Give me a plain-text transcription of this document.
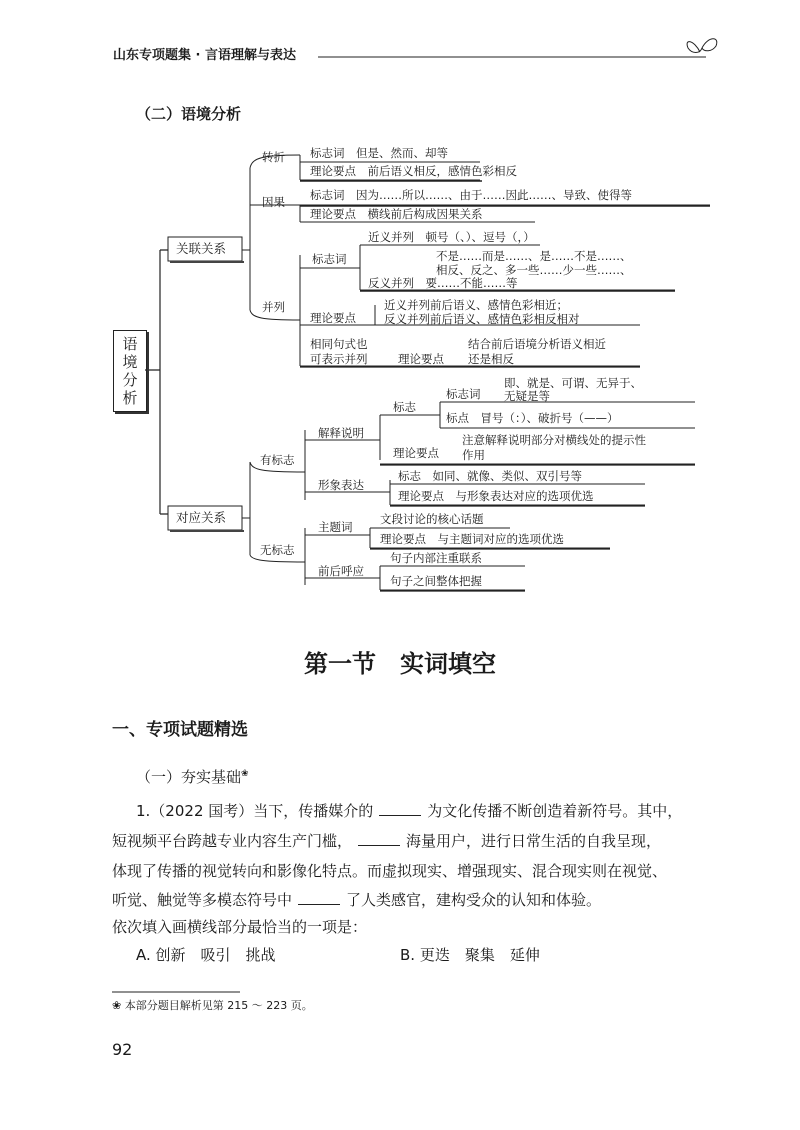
山东专项题集 · 言语理解与表达
（二）语境分析
语境分析
关联关系
转折 标志词　但是、然而、却等
理论要点　前后语义相反，感情色彩相反
因果 标志词　因为……所以……、由于……因此……、导致、使得等
理论要点　横线前后构成因果关系
并列
标志词
近义并列　顿号（、）、逗号（，）
不是……而是……、是……不是……、
相反、反之、多一些……少一些……、
反义并列　要……不能……等
理论要点
近义并列前后语义、感情色彩相近；
反义并列前后语义、感情色彩相反相对
相同句式也
可表示并列	理论要点
结合前后语境分析语义相近
还是相反
对应关系
有标志
解释说明
标志
标志词
即、就是、可谓、无异于、
无疑是等
标点　冒号（：）、破折号（——）
理论要点
注意解释说明部分对横线处的提示性
作用
形象表达
标志　如同、就像、类似、双引号等
理论要点　与形象表达对应的选项优选
无标志
主题词
文段讨论的核心话题
理论要点　与主题词对应的选项优选
前后呼应
句子内部注重联系
句子之间整体把握
第一节　实词填空
一、专项试题精选
（一）夯实基础❀
1.（2022 国考）当下，传播媒介的	为文化传播不断创造着新符号。其中，
短视频平台跨越专业内容生产门槛，	海量用户，进行日常生活的自我呈现，
体现了传播的视觉转向和影像化特点。而虚拟现实、增强现实、混合现实则在视觉、
听觉、触觉等多模态符号中	了人类感官，建构受众的认知和体验。
依次填入画横线部分最恰当的一项是：
A. 创新　吸引　挑战	B. 更迭　聚集　延伸
❀ 本部分题目解析见第 215 ～ 223 页。
92
